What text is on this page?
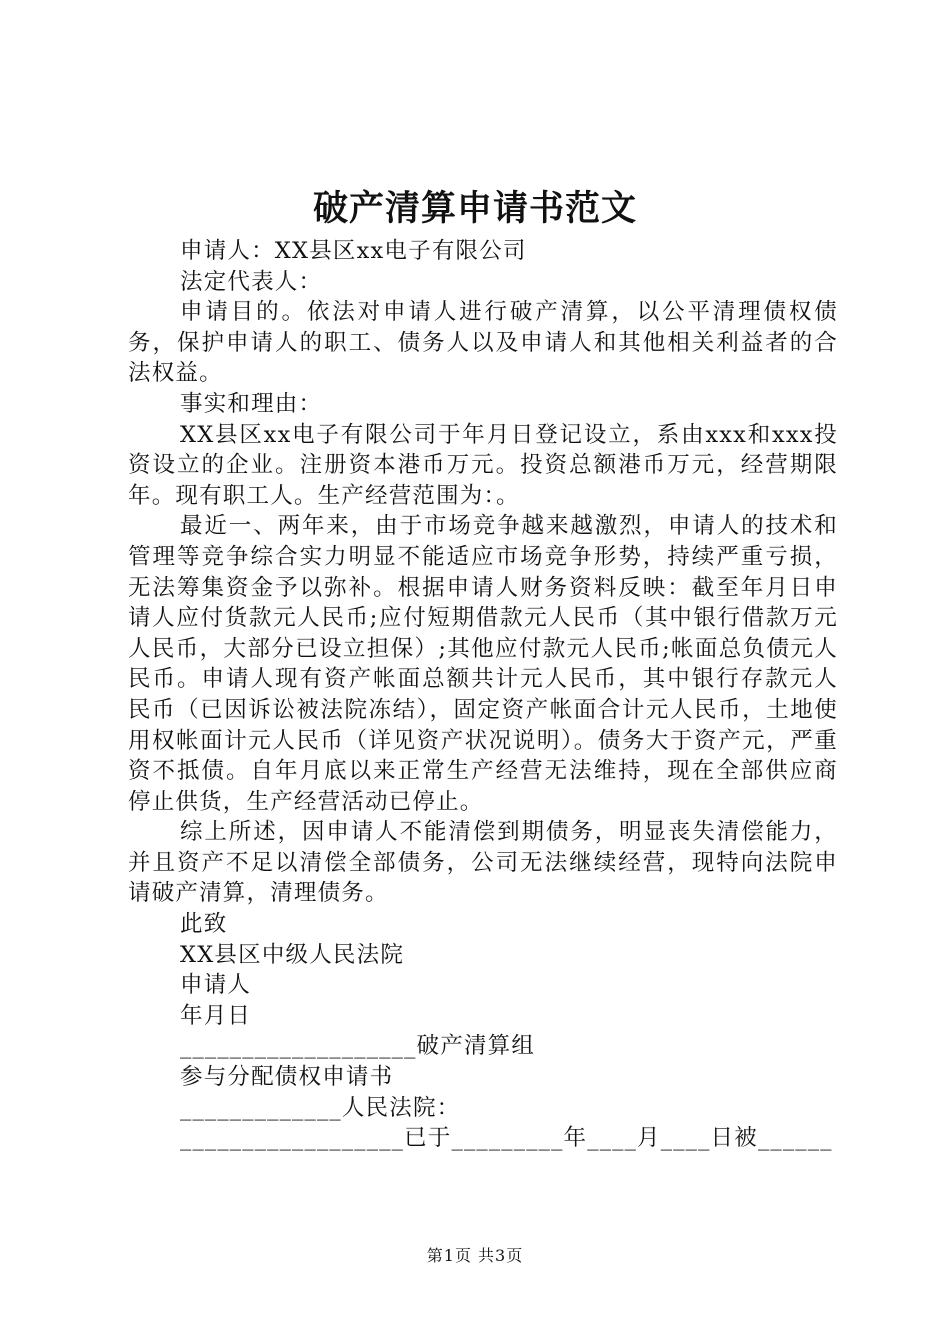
破产清算申请书范文

申请人：XX县区xx电子有限公司

法定代表人：

申请目的。依法对申请人进行破产清算，以公平清理债权债务，保护申请人的职工、债务人以及申请人和其他相关利益者的合法权益。

事实和理由：

XX县区xx电子有限公司于年月日登记设立，系由xxx和xxx投资设立的企业。注册资本港币万元。投资总额港币万元，经营期限年。现有职工人。生产经营范围为：。

最近一、两年来，由于市场竞争越来越激烈，申请人的技术和管理等竞争综合实力明显不能适应市场竞争形势，持续严重亏损，无法筹集资金予以弥补。根据申请人财务资料反映：截至年月日申请人应付货款元人民币;应付短期借款元人民币（其中银行借款万元人民币，大部分已设立担保）;其他应付款元人民币;帐面总负债元人民币。申请人现有资产帐面总额共计元人民币，其中银行存款元人民币（已因诉讼被法院冻结），固定资产帐面合计元人民币，土地使用权帐面计元人民币（详见资产状况说明）。债务大于资产元，严重资不抵债。自年月底以来正常生产经营无法维持，现在全部供应商停止供货，生产经营活动已停止。

综上所述，因申请人不能清偿到期债务，明显丧失清偿能力，并且资产不足以清偿全部债务，公司无法继续经营，现特向法院申请破产清算，清理债务。

此致

XX县区中级人民法院

申请人

年月日

___________________破产清算组

参与分配债权申请书

_____________人民法院：

__________________已于_________年____月____日被______

第1页 共3页
